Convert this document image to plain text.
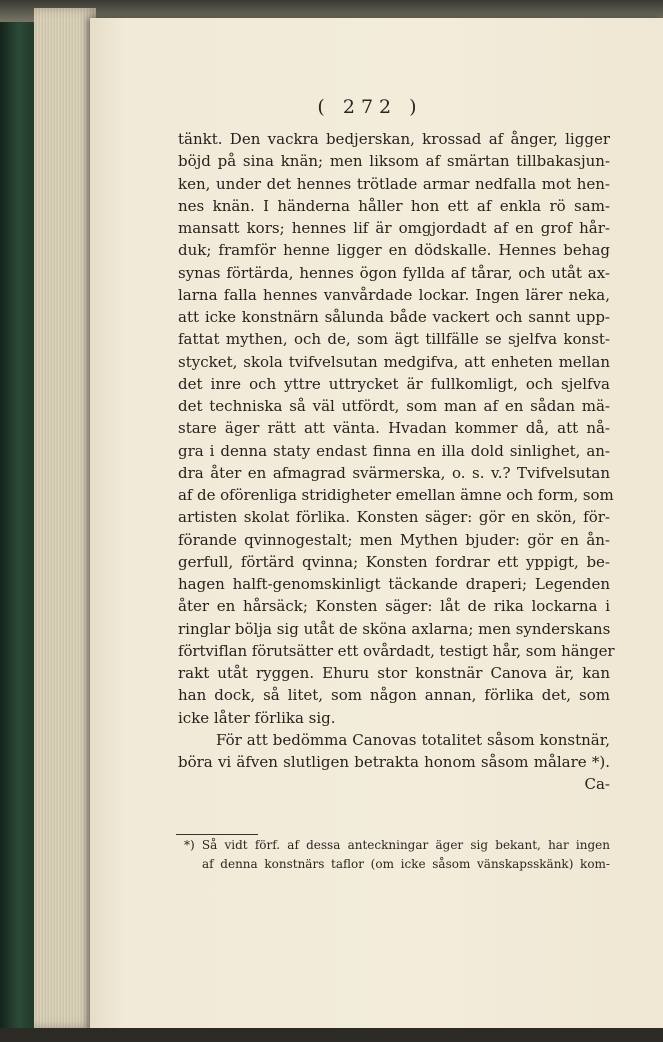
( 272 )
tänkt. Den vackra bedjerskan, krossad af ånger, ligger
böjd på sina knän; men liksom af smärtan tillbakasjun-
ken, under det hennes trötlade armar nedfalla mot hen-
nes knän. I händerna håller hon ett af enkla rö sam-
mansatt kors; hennes lif är omgjordadt af en grof hår-
duk; framför henne ligger en dödskalle. Hennes behag
synas förtärda, hennes ögon fyllda af tårar, och utåt ax-
larna falla hennes vanvårdade lockar. Ingen lärer neka,
att icke konstnärn sålunda både vackert och sannt upp-
fattat mythen, och de, som ägt tillfälle se sjelfva konst-
stycket, skola tvifvelsutan medgifva, att enheten mellan
det inre och yttre uttrycket är fullkomligt, och sjelfva
det techniska så väl utfördt, som man af en sådan mä-
stare äger rätt att vänta. Hvadan kommer då, att nå-
gra i denna staty endast finna en illa dold sinlighet, an-
dra åter en afmagrad svärmerska, o. s. v.? Tvifvelsutan
af de oförenliga stridigheter emellan ämne och form, som
artisten skolat förlika. Konsten säger: gör en skön, för-
förande qvinnogestalt; men Mythen bjuder: gör en ån-
gerfull, förtärd qvinna; Konsten fordrar ett yppigt, be-
hagen halft-genomskinligt täckande draperi; Legenden
åter en hårsäck; Konsten säger: låt de rika lockarna i
ringlar bölja sig utåt de sköna axlarna; men synderskans
förtviflan förutsätter ett ovårdadt, testigt hår, som hänger
rakt utåt ryggen. Ehuru stor konstnär Canova är, kan
han dock, så litet, som någon annan, förlika det, som
icke låter förlika sig.
För att bedömma Canovas totalitet såsom konstnär,
böra vi äfven slutligen betrakta honom såsom målare *).
Ca-
*) Så vidt förf. af dessa anteckningar äger sig bekant, har ingen
af denna konstnärs taflor (om icke såsom vänskapsskänk) kom-
